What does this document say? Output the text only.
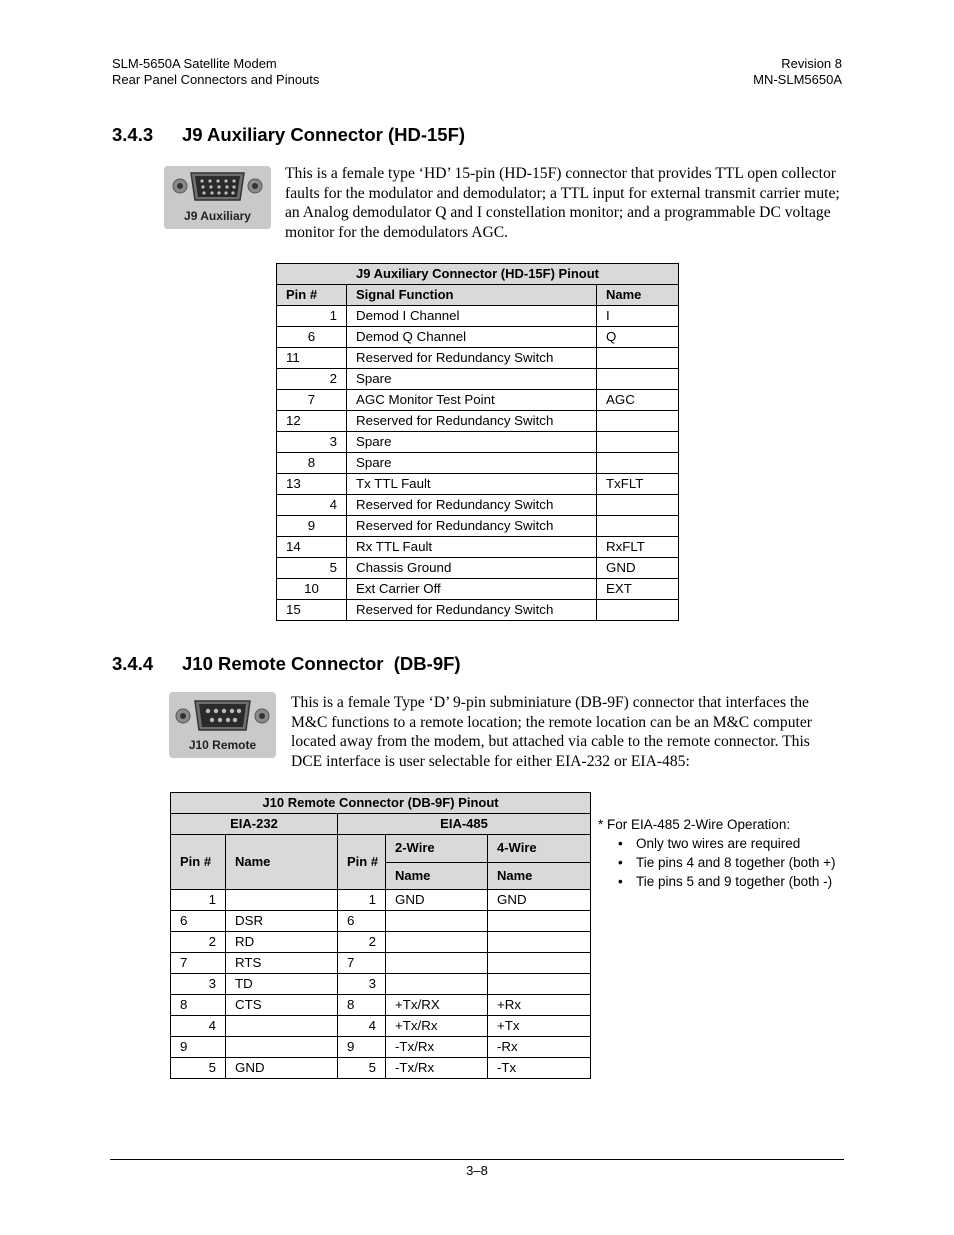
SLM-5650A Satellite Modem
Rear Panel Connectors and Pinouts
Revision 8
MN-SLM5650A
3.4.3 J9 Auxiliary Connector (HD-15F)
J9 Auxiliary
This is a female type ‘HD’ 15-pin (HD-15F) connector that provides TTL open collector faults for the modulator and demodulator; a TTL input for external transmit carrier mute; an Analog demodulator Q and I constellation monitor; and a programmable DC voltage monitor for the demodulators AGC.
J9 Auxiliary Connector (HD-15F) Pinout		
Pin #	Signal Function	Name
1	Demod I Channel	I
6	Demod Q Channel	Q
11	Reserved for Redundancy Switch	
2	Spare	
7	AGC Monitor Test Point	AGC
12	Reserved for Redundancy Switch	
3	Spare	
8	Spare	
13	Tx TTL Fault	TxFLT
4	Reserved for Redundancy Switch	
9	Reserved for Redundancy Switch	
14	Rx TTL Fault	RxFLT
5	Chassis Ground	GND
10	Ext Carrier Off	EXT
15	Reserved for Redundancy Switch	
3.4.4 J10 Remote Connector  (DB-9F)
J10 Remote
This is a female Type ‘D’ 9-pin subminiature (DB-9F) connector that interfaces the M&C functions to a remote location; the remote location can be an M&C computer located away from the modem, but attached via cable to the remote connector. This DCE interface is user selectable for either EIA-232 or EIA-485:
J10 Remote Connector (DB-9F) Pinout				
EIA-232		EIA-485		
Pin #	Name	Pin #	2-Wire	4-Wire
			Name	Name
1		1	GND	GND
6	DSR	6		
2	RD	2		
7	RTS	7		
3	TD	3		
8	CTS	8	+Tx/RX	+Rx
4		4	+Tx/Rx	+Tx
9		9	-Tx/Rx	-Rx
5	GND	5	-Tx/Rx	-Tx
* For EIA-485 2-Wire Operation:
• Only two wires are required
• Tie pins 4 and 8 together (both +)
• Tie pins 5 and 9 together (both -)
3–8
